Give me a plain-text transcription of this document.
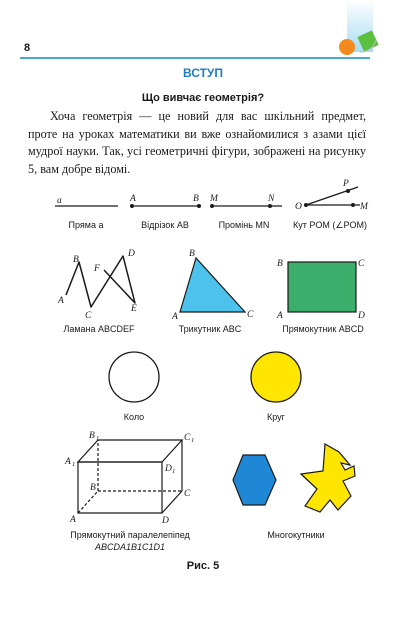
8
ВСТУП
Що вивчає геометрія?
Хоча геометрія — це новий для вас шкільний предмет, проте на уроках математики ви вже ознайомилися з азами цієї мудрої науки. Так, усі геометричні фігури, зображені на рисунку 5, вам добре відомі.
a
Пряма a
A	B
Відрізок AB
M	N
Промінь MN
O
P
M
Кут POM (∠POM)
A
B
C
D
E
F
Ламана ABCDEF
B
A	C
Трикутник ABC
B	C
A	D
Прямокутник ABCD
Коло	Круг
B 1	C 1
A 1	D 1
B
C
A	D
Прямокутний паралелепіпед
ABCDA1B1C1D1
Многокутники
Рис. 5
